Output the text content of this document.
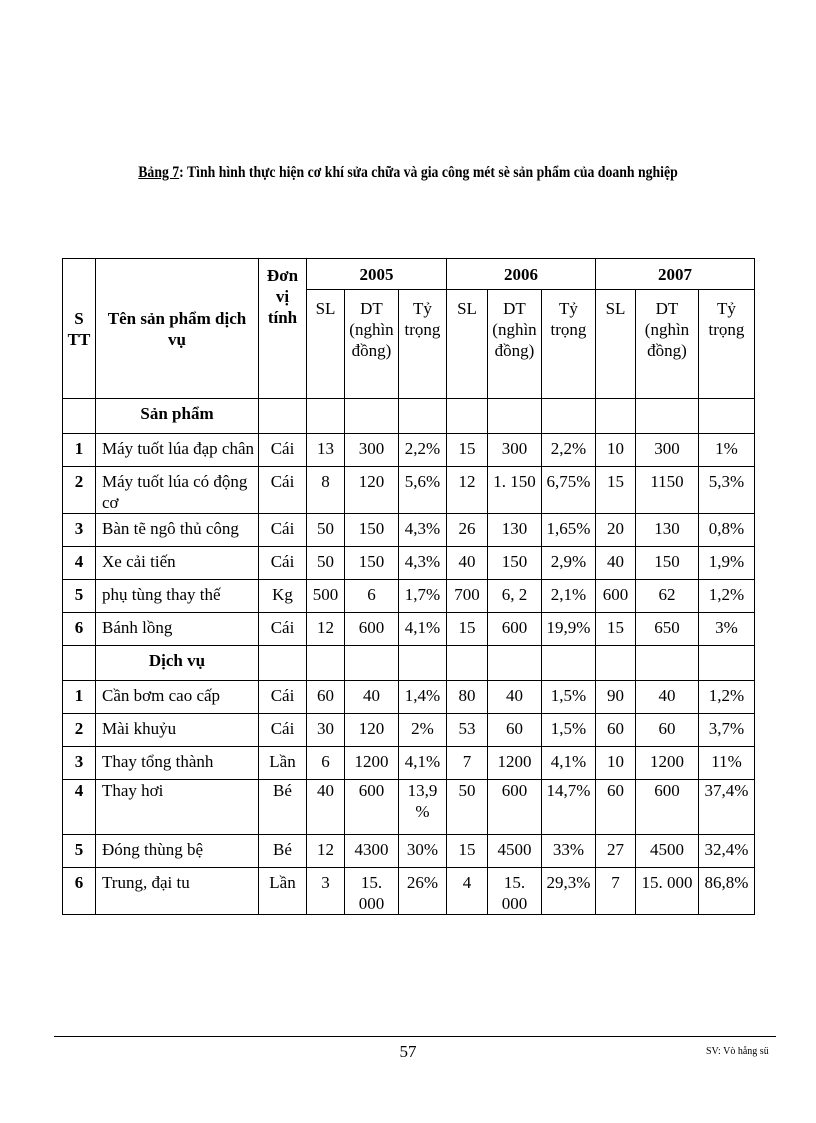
Bảng 7: Tình hình thực hiện cơ khí sửa chữa và gia công mét sè sản phẩm của doanh nghiệp
S TT	Tên sản phẩm dịch vụ	Đơn vị tính	2005			2006			2007		
			SL	DT (nghìn đồng)	Tỷ trọng	SL	DT (nghìn đồng)	Tỷ trọng	SL	DT (nghìn đồng)	Tỷ trọng
	Sản phẩm										
1	Máy tuốt lúa đạp chân	Cái	13	300	2,2%	15	300	2,2%	10	300	1%
2	Máy tuốt lúa có động cơ	Cái	8	120	5,6%	12	1. 150	6,75%	15	1150	5,3%
3	Bàn tẽ ngô thủ công	Cái	50	150	4,3%	26	130	1,65%	20	130	0,8%
4	Xe cải tiến	Cái	50	150	4,3%	40	150	2,9%	40	150	1,9%
5	phụ tùng thay thế	Kg	500	6	1,7%	700	6, 2	2,1%	600	62	1,2%
6	Bánh lồng	Cái	12	600	4,1%	15	600	19,9%	15	650	3%
	Dịch vụ										
1	Cần bơm cao cấp	Cái	60	40	1,4%	80	40	1,5%	90	40	1,2%
2	Mài khuỷu	Cái	30	120	2%	53	60	1,5%	60	60	3,7%
3	Thay tổng thành	Lần	6	1200	4,1%	7	1200	4,1%	10	1200	11%
4	Thay hơi	Bé	40	600	13,9 %	50	600	14,7%	60	600	37,4%
5	Đóng thùng bệ	Bé	12	4300	30%	15	4500	33%	27	4500	32,4%
6	Trung, đại tu	Lần	3	15. 000	26%	4	15. 000	29,3%	7	15. 000	86,8%
57	SV: Vò hång sü
